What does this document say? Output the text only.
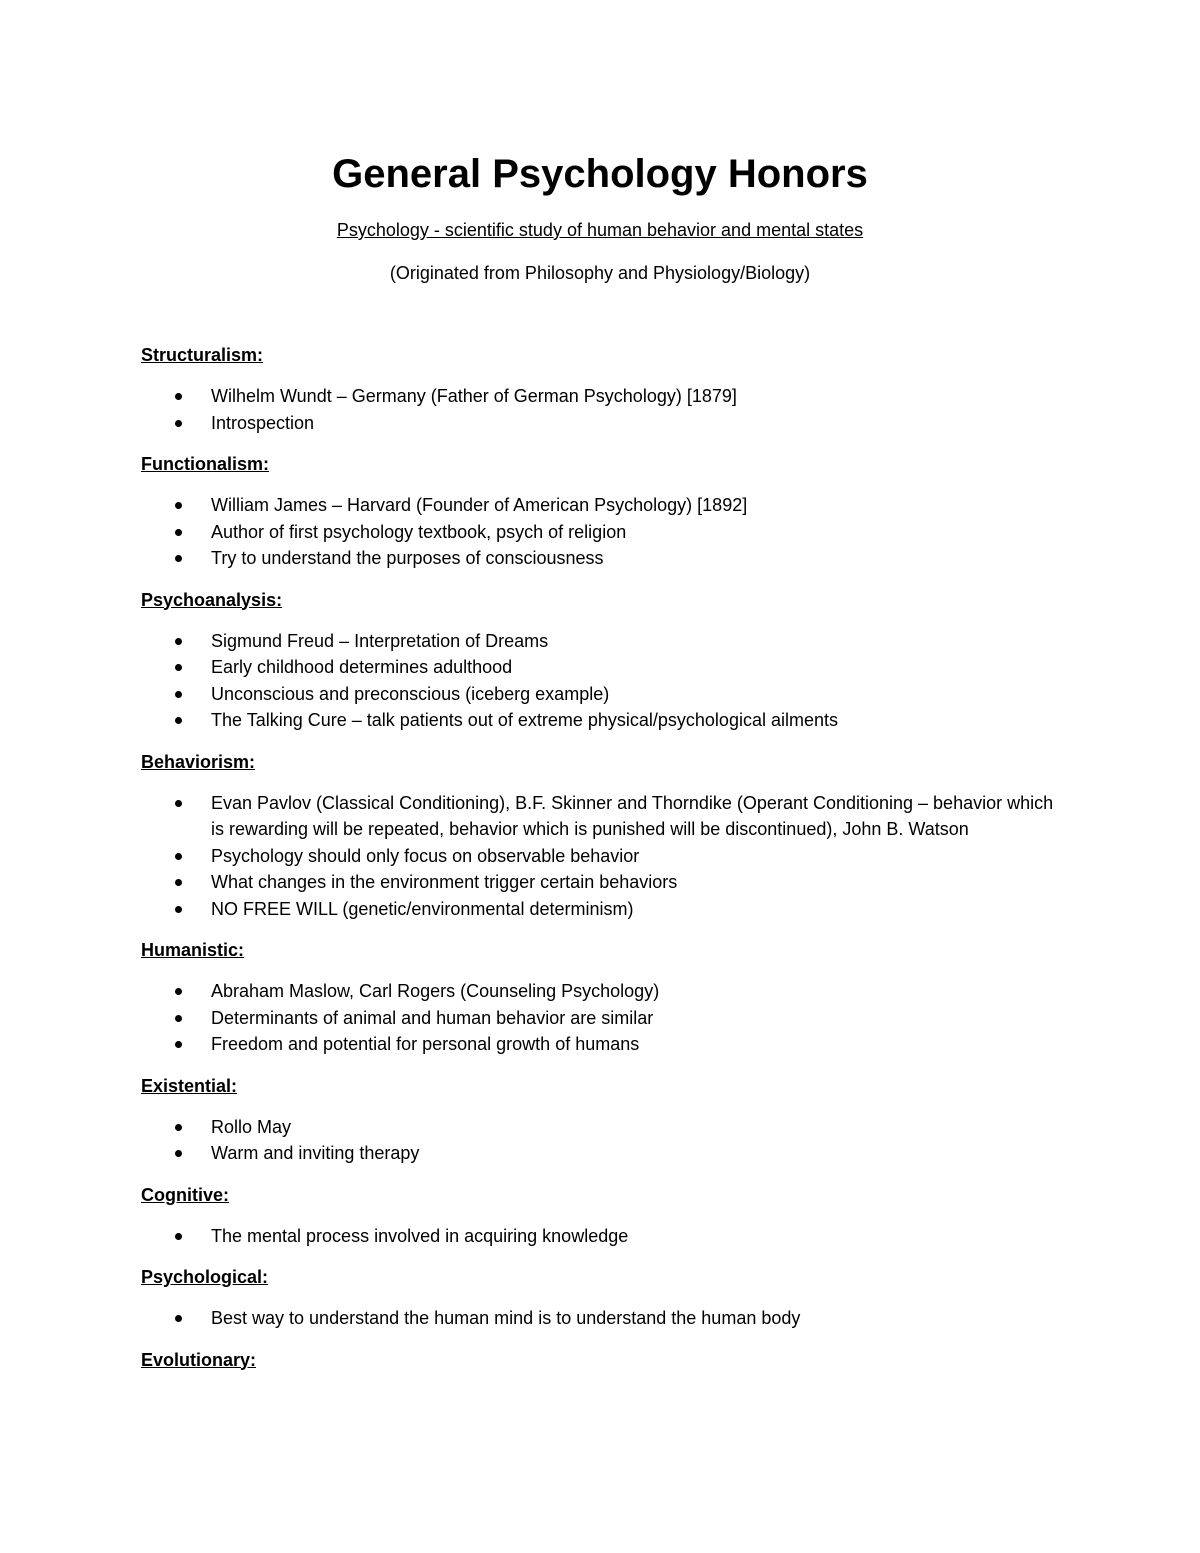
General Psychology Honors
Psychology - scientific study of human behavior and mental states
(Originated from Philosophy and Physiology/Biology)
Structuralism:
Wilhelm Wundt – Germany (Father of German Psychology) [1879]
Introspection
Functionalism:
William James – Harvard (Founder of American Psychology) [1892]
Author of first psychology textbook, psych of religion
Try to understand the purposes of consciousness
Psychoanalysis:
Sigmund Freud – Interpretation of Dreams
Early childhood determines adulthood
Unconscious and preconscious (iceberg example)
The Talking Cure – talk patients out of extreme physical/psychological ailments
Behaviorism:
Evan Pavlov (Classical Conditioning), B.F. Skinner and Thorndike (Operant Conditioning – behavior which is rewarding will be repeated, behavior which is punished will be discontinued), John B. Watson
Psychology should only focus on observable behavior
What changes in the environment trigger certain behaviors
NO FREE WILL (genetic/environmental determinism)
Humanistic:
Abraham Maslow, Carl Rogers (Counseling Psychology)
Determinants of animal and human behavior are similar
Freedom and potential for personal growth of humans
Existential:
Rollo May
Warm and inviting therapy
Cognitive:
The mental process involved in acquiring knowledge
Psychological:
Best way to understand the human mind is to understand the human body
Evolutionary:
